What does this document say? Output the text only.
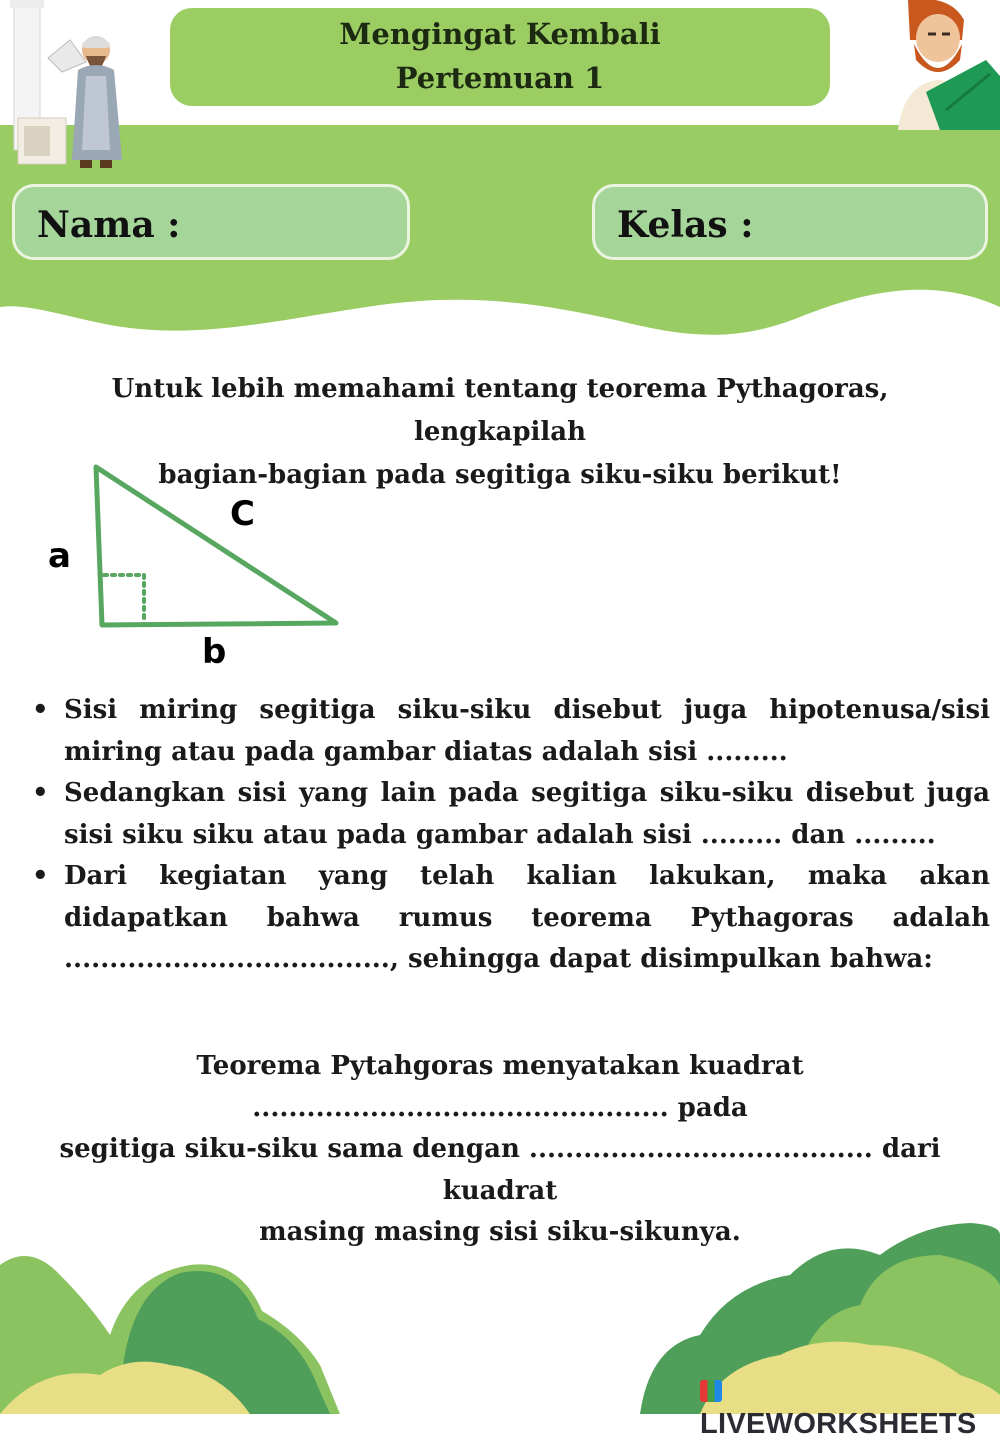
Mengingat Kembali
Pertemuan 1
Nama :	Kelas :
Untuk lebih memahami tentang teorema Pythagoras, lengkapilah
bagian-bagian pada segitiga siku-siku berikut!
a
C
b
• Sisi miring segitiga siku-siku disebut juga hipotenusa/sisi miring atau pada gambar diatas adalah sisi .........
• Sedangkan sisi yang lain pada segitiga siku-siku disebut juga sisi siku siku atau pada gambar adalah sisi ......... dan .........
• Dari kegiatan yang telah kalian lakukan, maka akan didapatkan bahwa rumus teorema Pythagoras adalah ...................................., sehingga dapat disimpulkan bahwa:
Teorema Pytahgoras menyatakan kuadrat .............................................. pada
segitiga siku-siku sama dengan ...................................... dari kuadrat
masing masing sisi siku-sikunya.
LIVEWORKSHEETS
